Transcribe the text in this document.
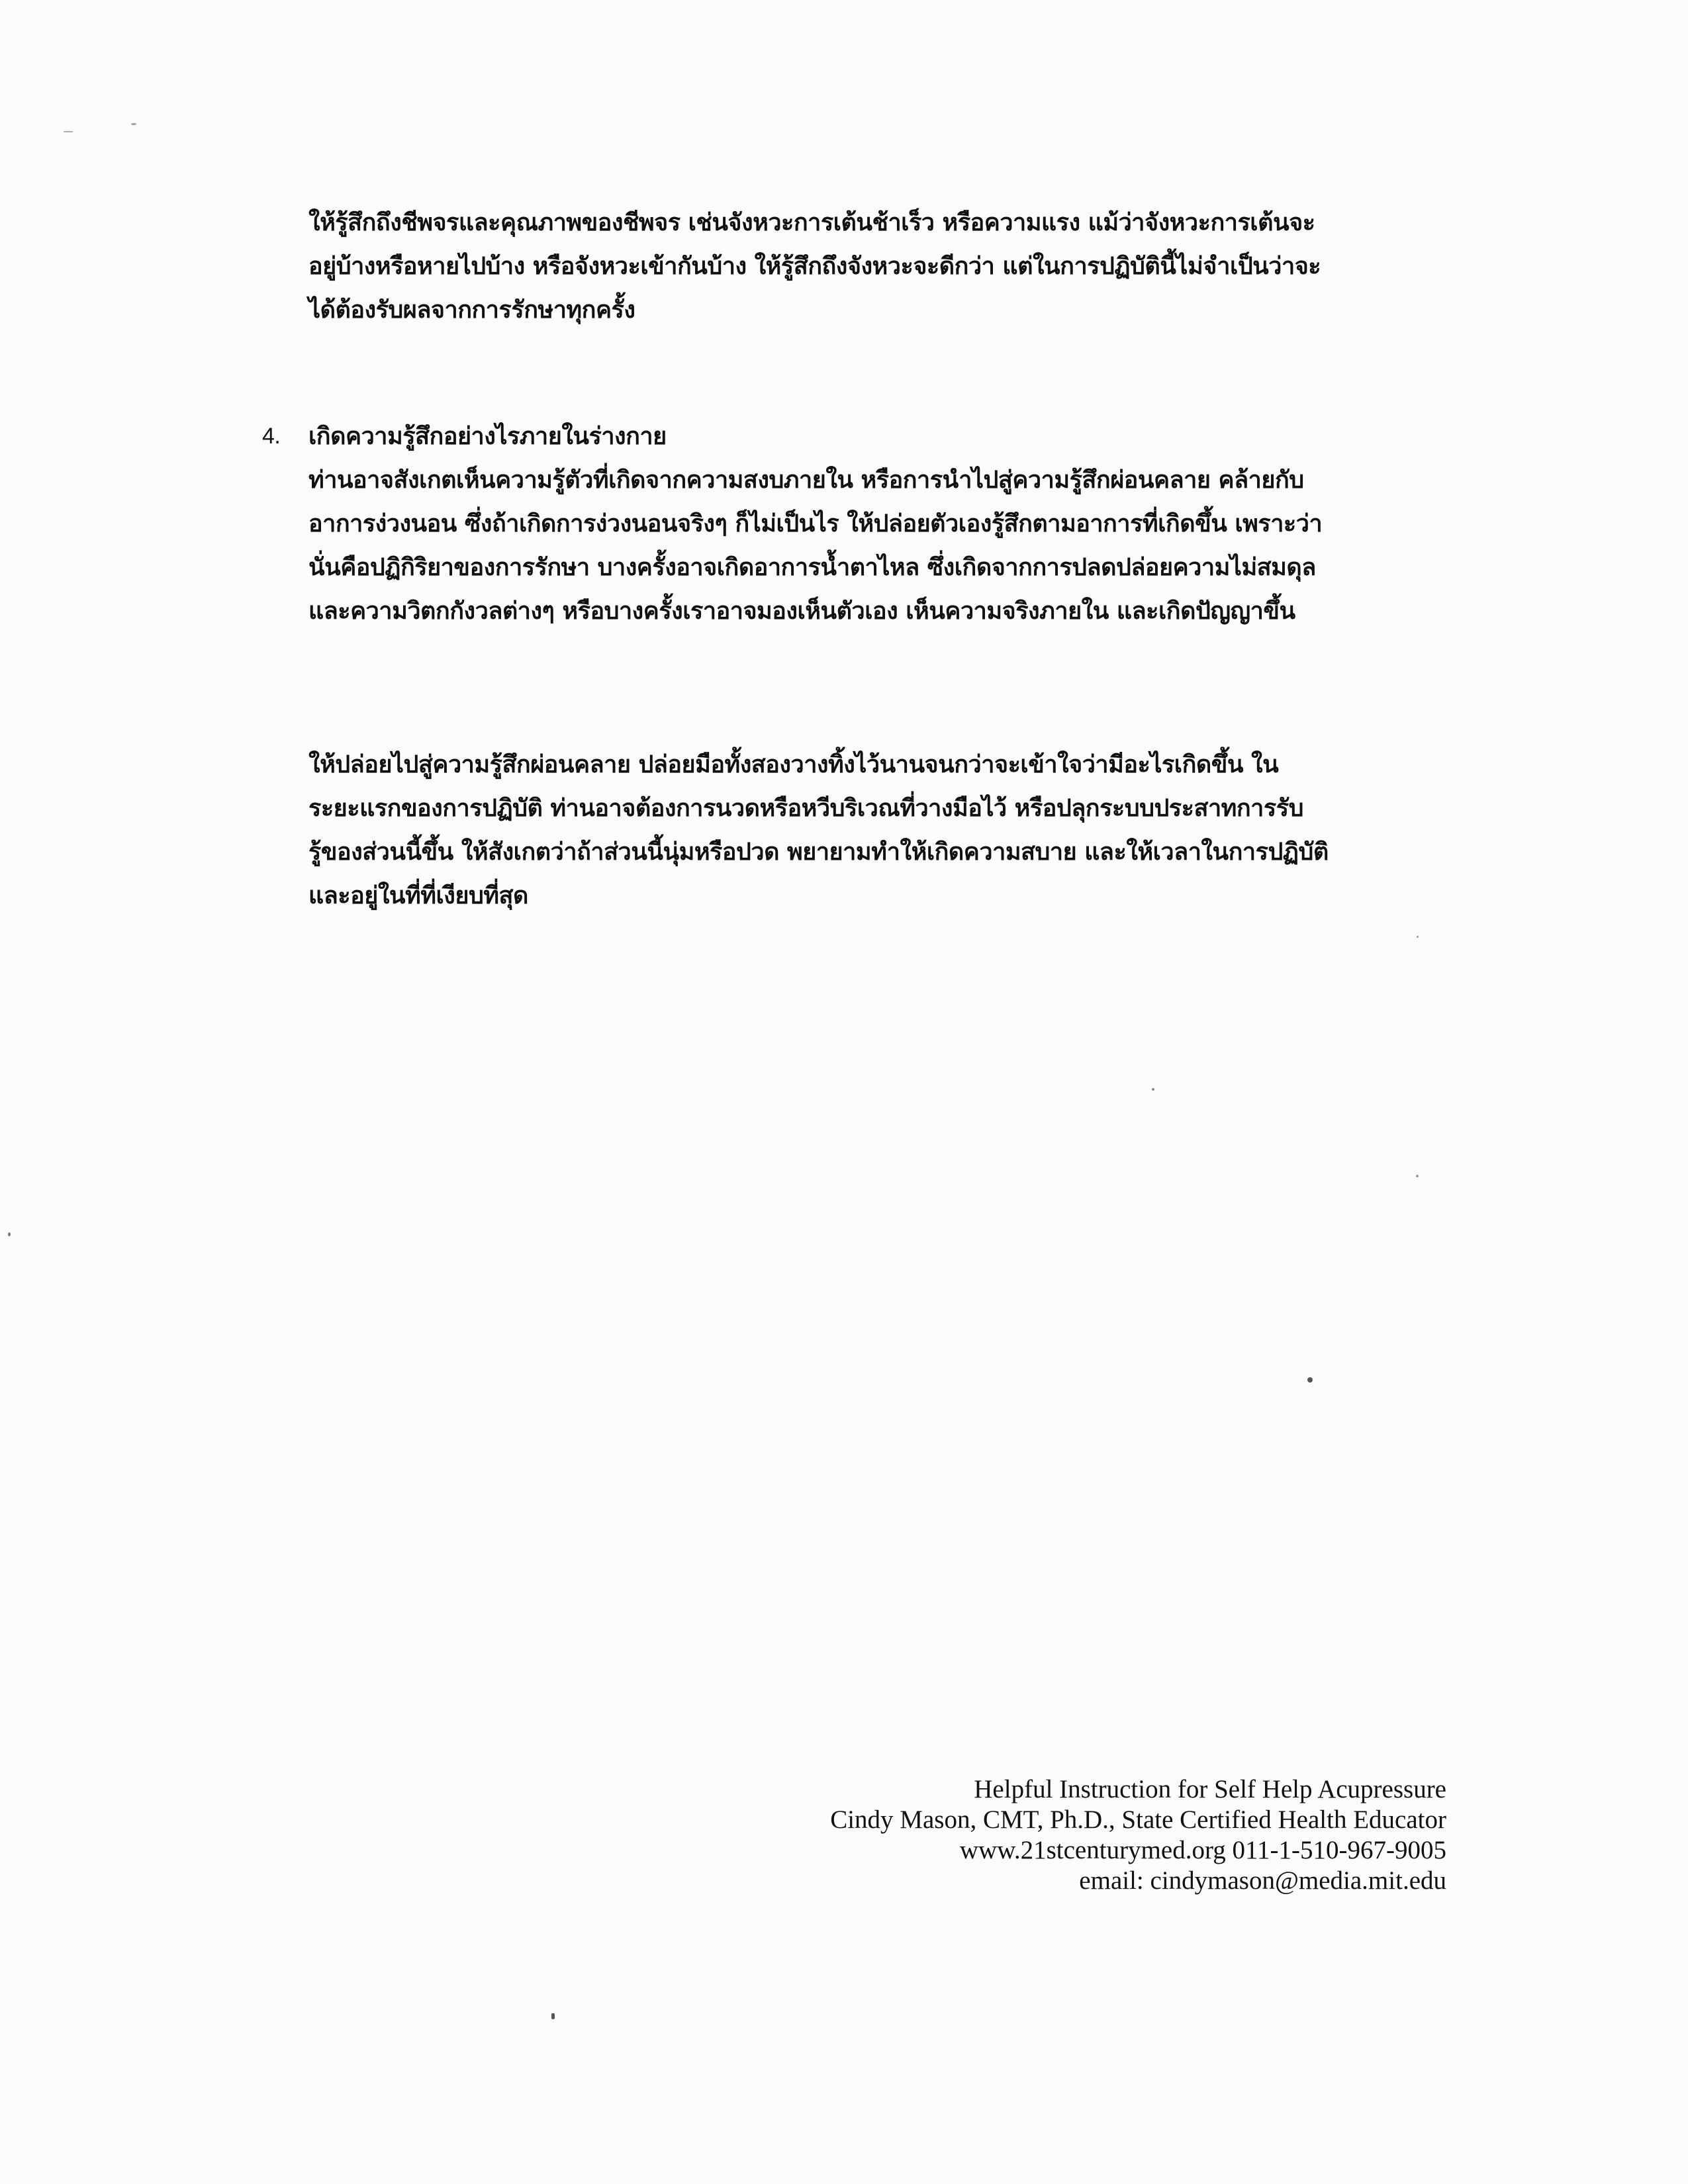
ให้รู้สึกถึงชีพจรและคุณภาพของชีพจร เช่นจังหวะการเต้นช้าเร็ว หรือความแรง แม้ว่าจังหวะการเต้นจะ
อยู่บ้างหรือหายไปบ้าง หรือจังหวะเข้ากันบ้าง ให้รู้สึกถึงจังหวะจะดีกว่า แต่ในการปฏิบัตินี้ไม่จำเป็นว่าจะ
ได้ต้องรับผลจากการรักษาทุกครั้ง
4. เกิดความรู้สึกอย่างไรภายในร่างกาย
ท่านอาจสังเกตเห็นความรู้ตัวที่เกิดจากความสงบภายใน หรือการนำไปสู่ความรู้สึกผ่อนคลาย คล้ายกับ
อาการง่วงนอน ซึ่งถ้าเกิดการง่วงนอนจริงๆ ก็ไม่เป็นไร ให้ปล่อยตัวเองรู้สึกตามอาการที่เกิดขึ้น เพราะว่า
นั่นคือปฏิกิริยาของการรักษา บางครั้งอาจเกิดอาการน้ำตาไหล ซึ่งเกิดจากการปลดปล่อยความไม่สมดุล
และความวิตกกังวลต่างๆ หรือบางครั้งเราอาจมองเห็นตัวเอง เห็นความจริงภายใน และเกิดปัญญาขึ้น
ให้ปล่อยไปสู่ความรู้สึกผ่อนคลาย ปล่อยมือทั้งสองวางทิ้งไว้นานจนกว่าจะเข้าใจว่ามีอะไรเกิดขึ้น ใน
ระยะแรกของการปฏิบัติ ท่านอาจต้องการนวดหรือหวีบริเวณที่วางมือไว้ หรือปลุกระบบประสาทการรับ
รู้ของส่วนนี้ขึ้น ให้สังเกตว่าถ้าส่วนนี้นุ่มหรือปวด พยายามทำให้เกิดความสบาย และให้เวลาในการปฏิบัติ
และอยู่ในที่ที่เงียบที่สุด
Helpful Instruction for Self Help Acupressure
Cindy Mason, CMT, Ph.D., State Certified Health Educator
www.21stcenturymed.org 011-1-510-967-9005
email: cindymason@media.mit.edu
